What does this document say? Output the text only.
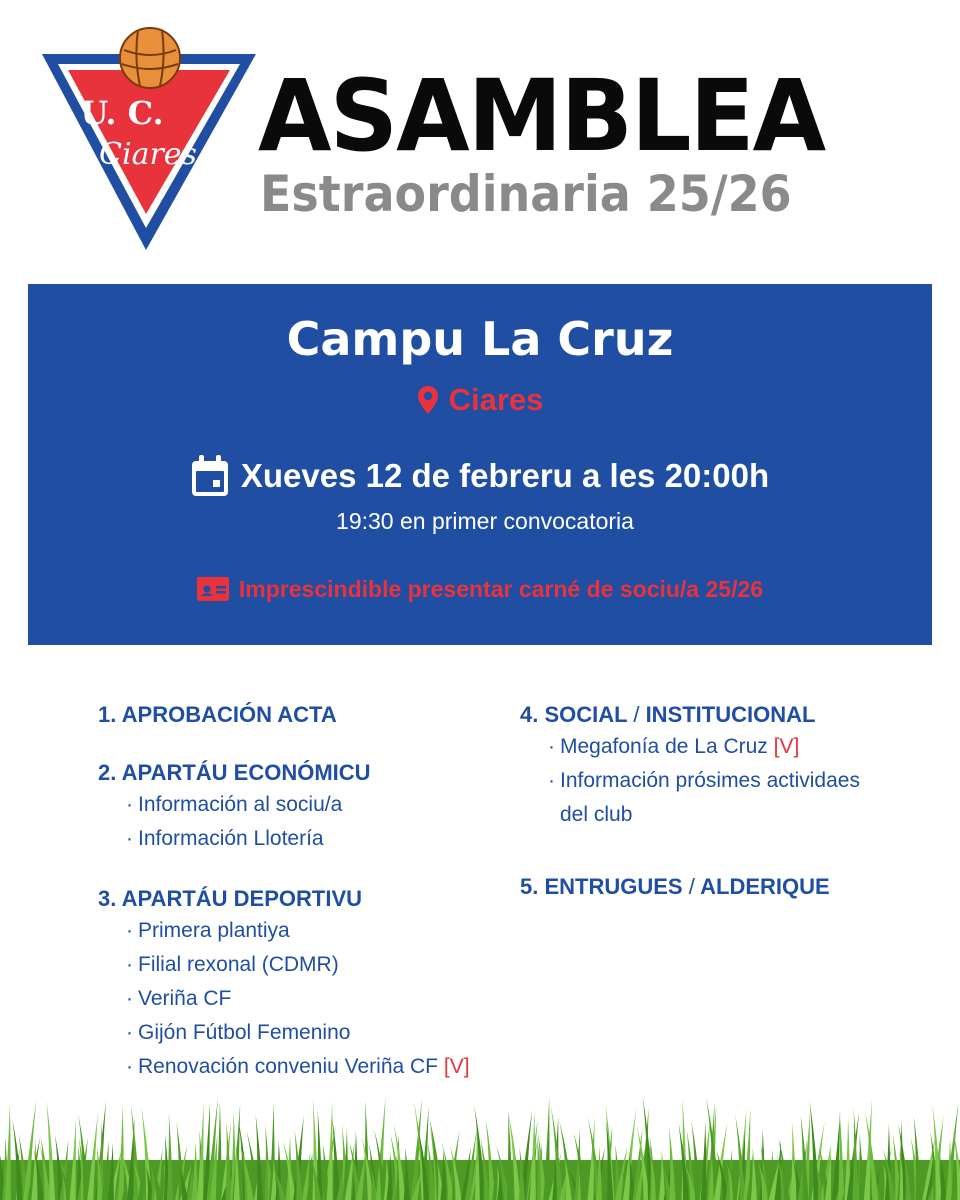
U. C.
Ciares ASAMBLEA
Estraordinaria 25/26
Campu La Cruz
Ciares
Xueves 12 de febreru a les 20:00h
19:30 en primer convocatoria
Imprescindible presentar carné de sociu/a 25/26
1. APROBACIÓN ACTA
2. APARTÁU ECONÓMICU
· Información al sociu/a
· Información Llotería
3. APARTÁU DEPORTIVU
· Primera plantiya
· Filial rexonal (CDMR)
· Veriña CF
· Gijón Fútbol Femenino
· Renovación conveniu Veriña CF [V]
4. SOCIAL / INSTITUCIONAL
· Megafonía de La Cruz [V]
· Información prósimes actividaes
del club
5. ENTRUGUES / ALDERIQUE
